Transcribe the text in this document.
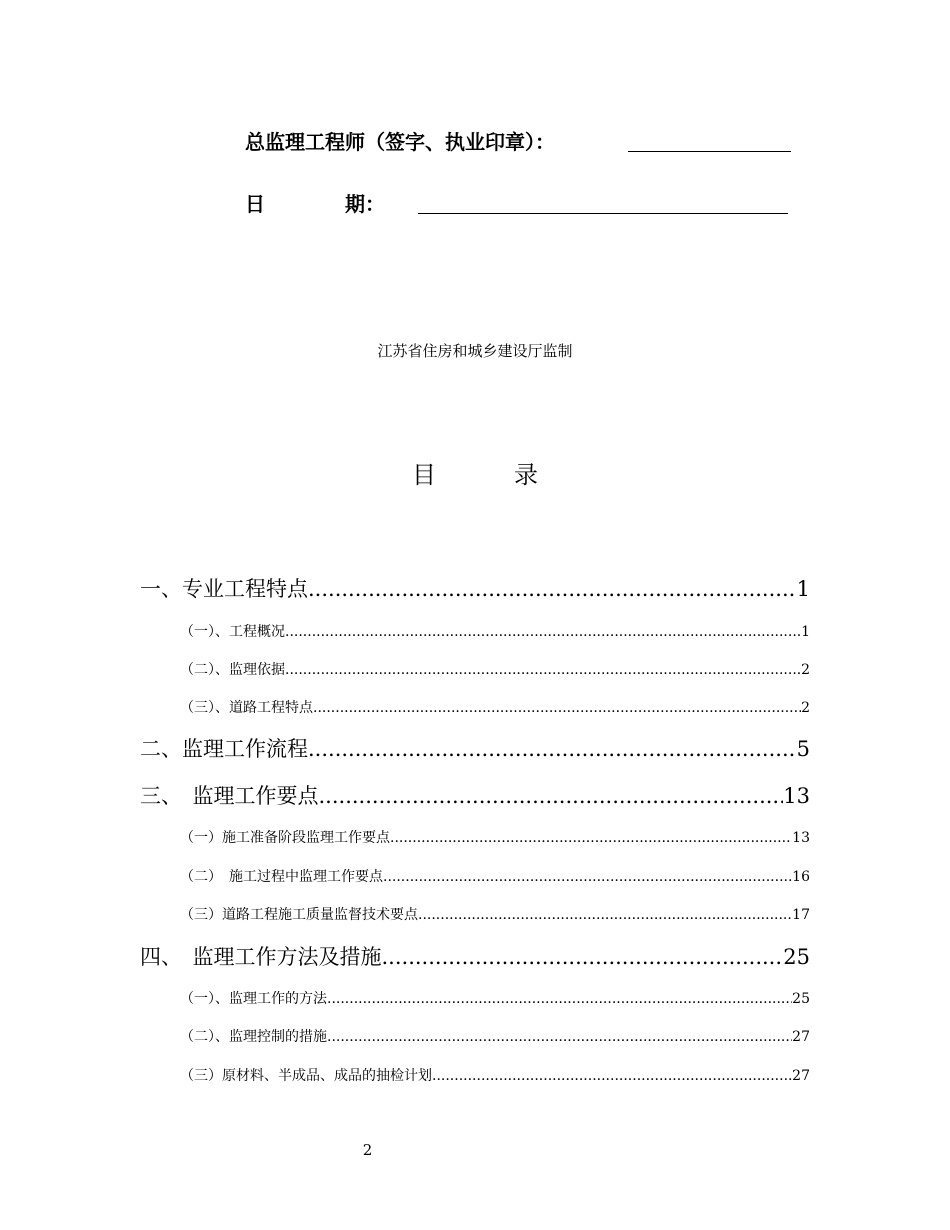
总监理工程师（签字、执业印章）：
日　　　　期：
江苏省住房和城乡建设厅监制
目	录
一、专业工程特点 .....	1
（一）、工程概况 .....	1
（二）、监理依据 .....	2
（三）、道路工程特点 .....	2
二、监理工作流程 .....	5
三、　监理工作要点 .....	13
（一）施工准备阶段监理工作要点 .....	13
（二）　施工过程中监理工作要点 .....	16
（三）道路工程施工质量监督技术要点 .....	17
四、　监理工作方法及措施 .....	25
（一）、监理工作的方法 .....	25
（二）、监理控制的措施 .....	27
（三）原材料、半成品、成品的抽检计划 .....	27
2
